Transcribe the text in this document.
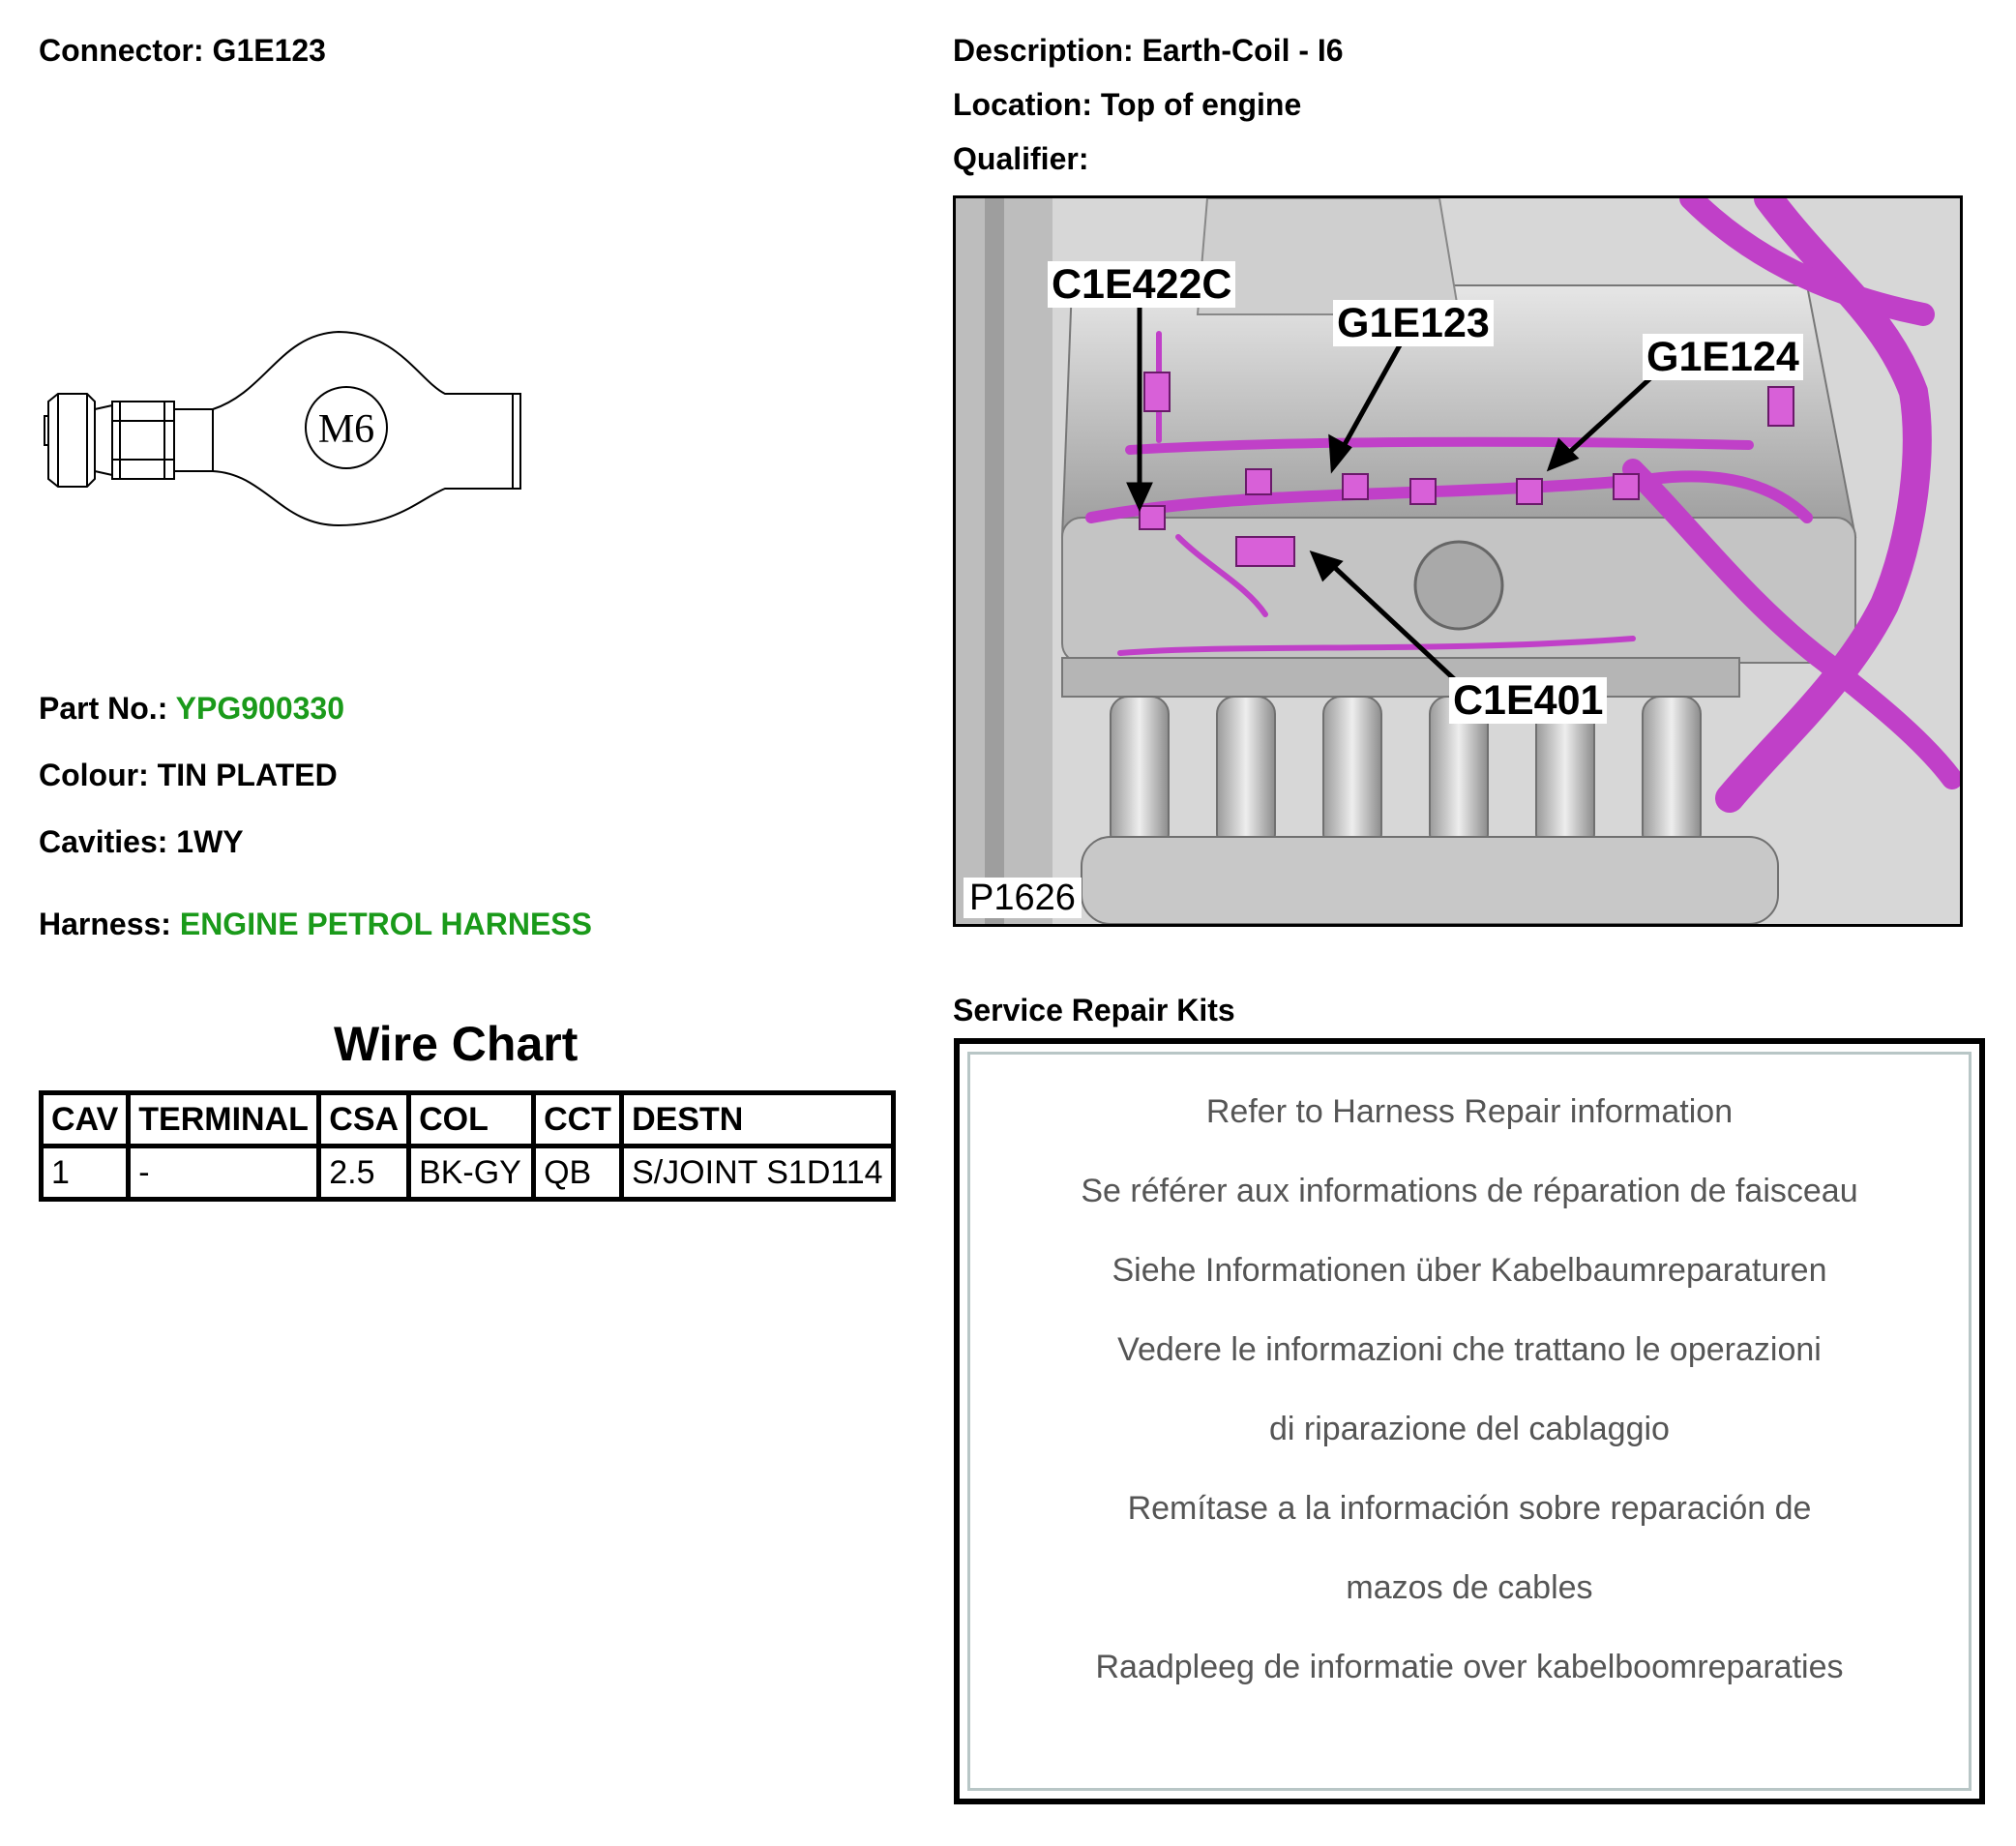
Connector: G1E123
M6
Part No.: YPG900330
Colour: TIN PLATED
Cavities: 1WY
Harness: ENGINE PETROL HARNESS
Wire Chart
CAV	TERMINAL	CSA	COL	CCT	DESTN
1	-	2.5	BK-GY	QB	S/JOINT S1D114
Description: Earth-Coil - I6
Location: Top of engine
Qualifier:
C1E422C
G1E123
G1E124
C1E401
P1626
Service Repair Kits
Refer to Harness Repair information
Se référer aux informations de réparation de faisceau
Siehe Informationen über Kabelbaumreparaturen
Vedere le informazioni che trattano le operazioni
di riparazione del cablaggio
Remítase a la información sobre reparación de
mazos de cables
Raadpleeg de informatie over kabelboomreparaties
